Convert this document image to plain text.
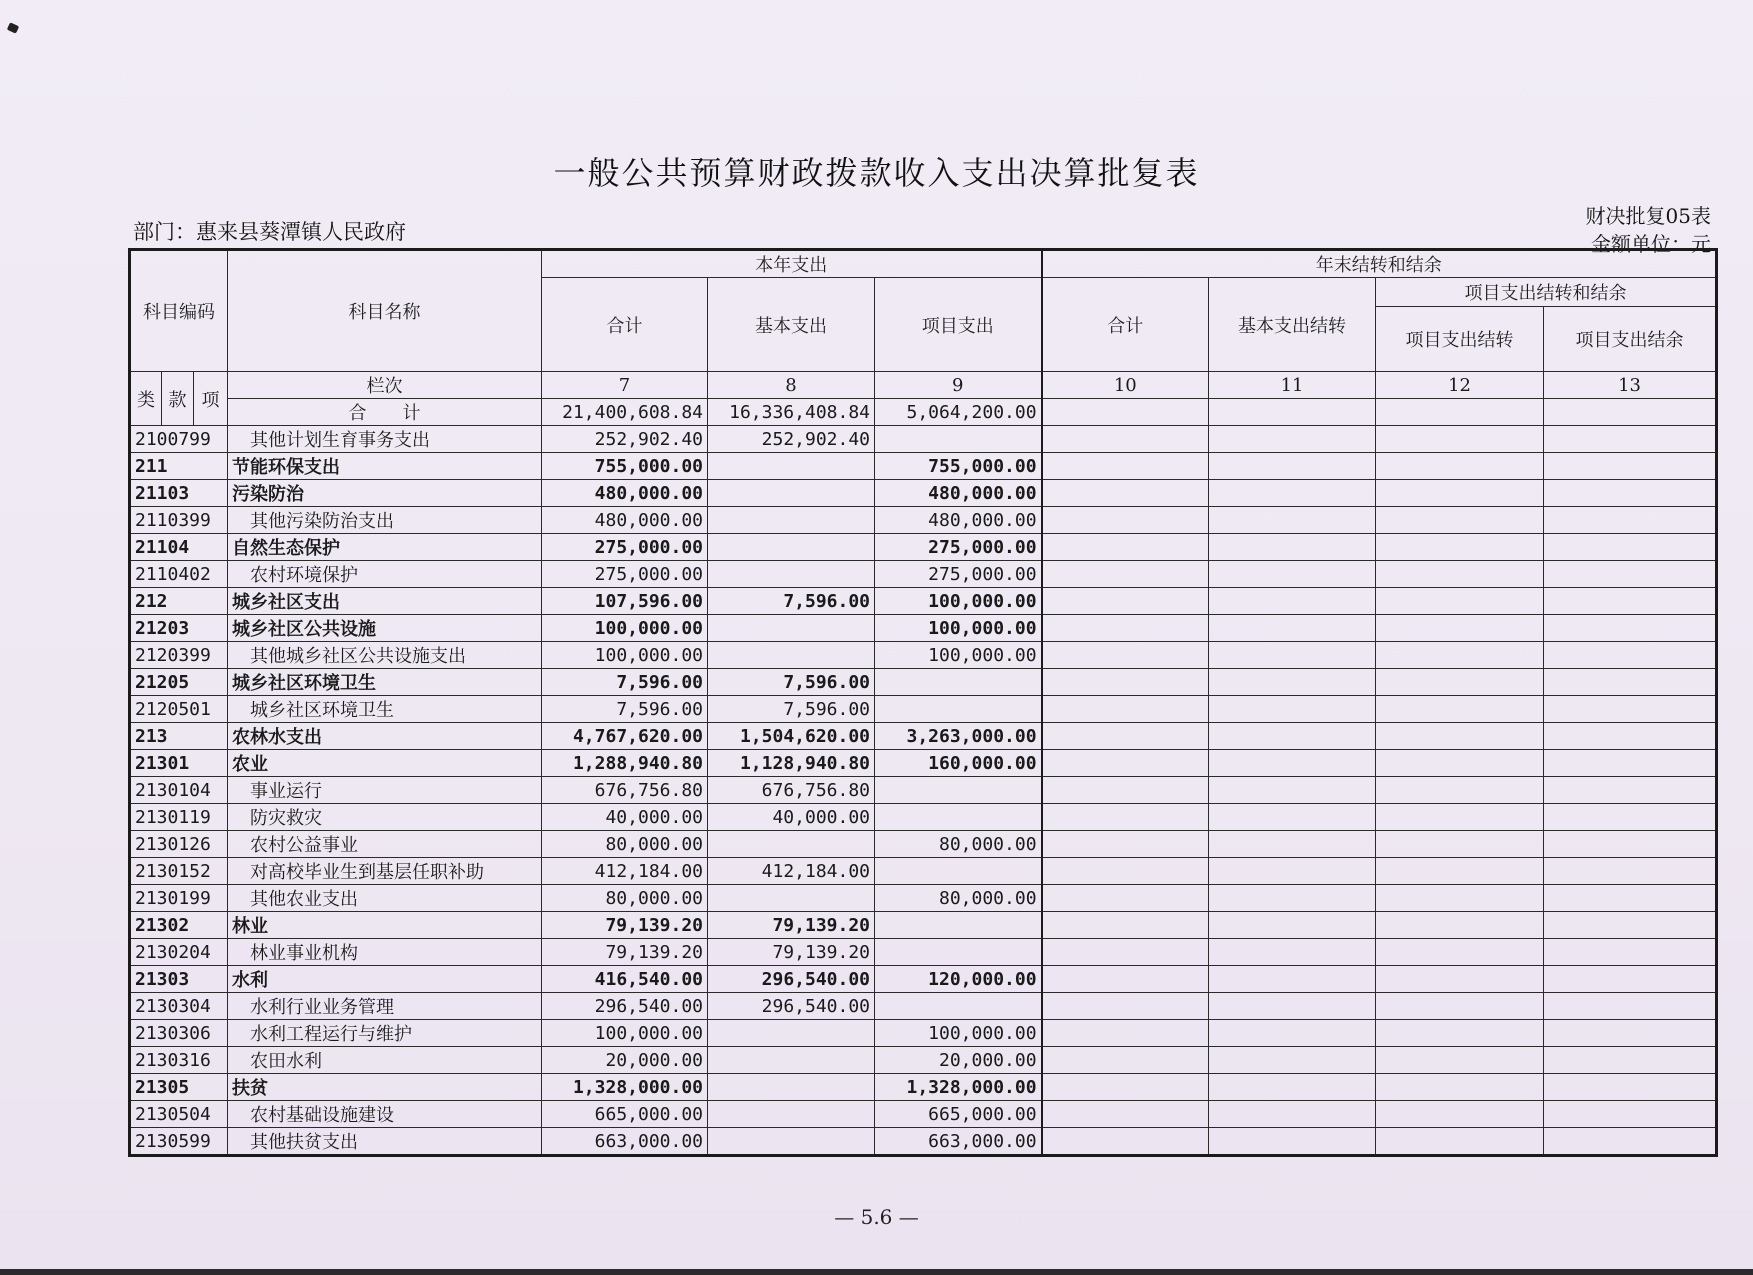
一般公共预算财政拨款收入支出决算批复表
部门：惠来县葵潭镇人民政府
财决批复05表
金额单位：元
科目编码			科目名称	本年支出			年末结转和结余			
				合计	基本支出	项目支出	合计	基本支出结转	项目支出结转和结余	
									项目支出结转	项目支出结余
类	款	项	栏次	7	8	9	10	11	12	13
			合　　计	21,400,608.84	16,336,408.84	5,064,200.00				
2100799			其他计划生育事务支出	252,902.40	252,902.40					
211			节能环保支出	755,000.00		755,000.00				
21103			污染防治	480,000.00		480,000.00				
2110399			其他污染防治支出	480,000.00		480,000.00				
21104			自然生态保护	275,000.00		275,000.00				
2110402			农村环境保护	275,000.00		275,000.00				
212			城乡社区支出	107,596.00	7,596.00	100,000.00				
21203			城乡社区公共设施	100,000.00		100,000.00				
2120399			其他城乡社区公共设施支出	100,000.00		100,000.00				
21205			城乡社区环境卫生	7,596.00	7,596.00					
2120501			城乡社区环境卫生	7,596.00	7,596.00					
213			农林水支出	4,767,620.00	1,504,620.00	3,263,000.00				
21301			农业	1,288,940.80	1,128,940.80	160,000.00				
2130104			事业运行	676,756.80	676,756.80					
2130119			防灾救灾	40,000.00	40,000.00					
2130126			农村公益事业	80,000.00		80,000.00				
2130152			对高校毕业生到基层任职补助	412,184.00	412,184.00					
2130199			其他农业支出	80,000.00		80,000.00				
21302			林业	79,139.20	79,139.20					
2130204			林业事业机构	79,139.20	79,139.20					
21303			水利	416,540.00	296,540.00	120,000.00				
2130304			水利行业业务管理	296,540.00	296,540.00					
2130306			水利工程运行与维护	100,000.00		100,000.00				
2130316			农田水利	20,000.00		20,000.00				
21305			扶贫	1,328,000.00		1,328,000.00				
2130504			农村基础设施建设	665,000.00		665,000.00				
2130599			其他扶贫支出	663,000.00		663,000.00				
— 5.6 —
